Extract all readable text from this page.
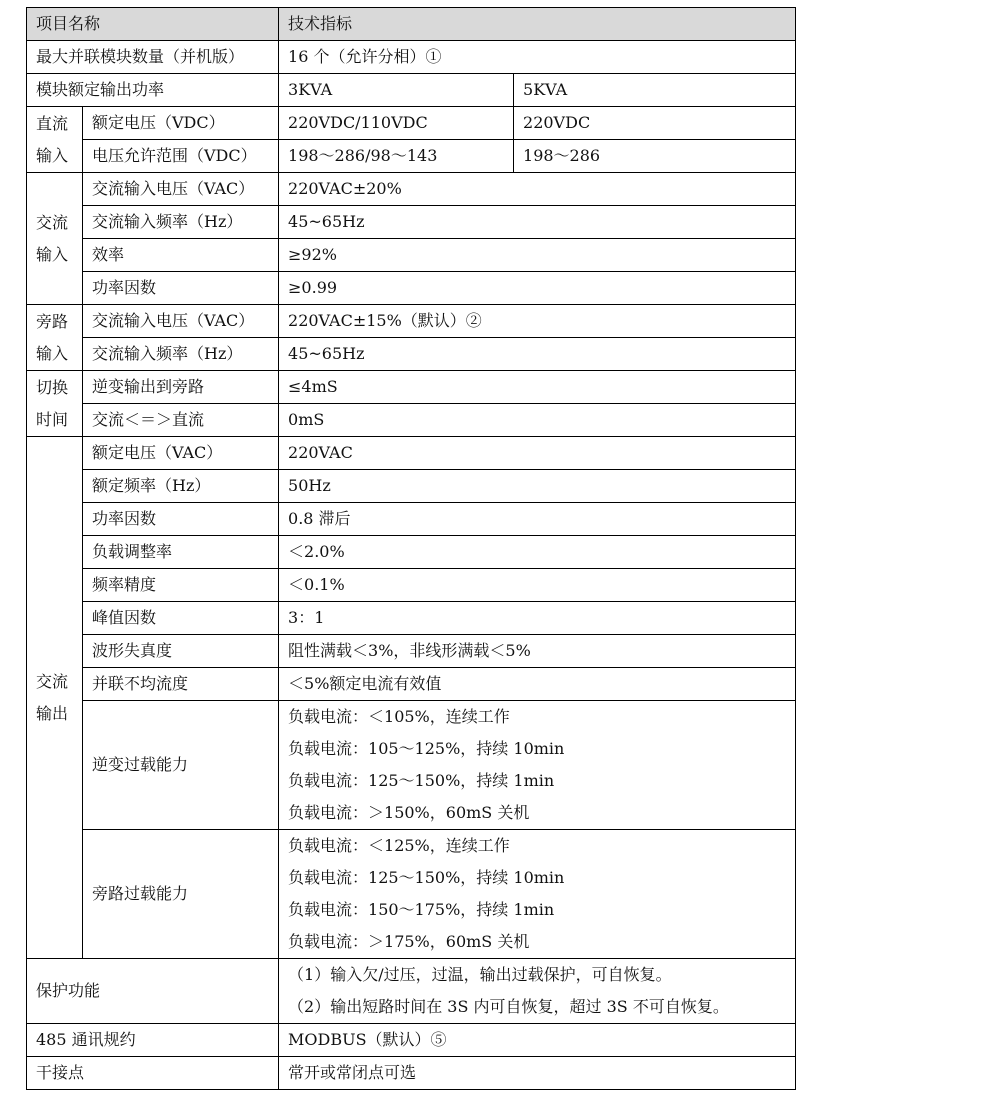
项目名称		技术指标	
最大并联模块数量（并机版）		16 个（允许分相）①	
模块额定输出功率		3KVA	5KVA

直流
输入	额定电压（VDC）	220VDC/110VDC	220VDC
	电压允许范围（VDC）	198～286/98～143	198～286

交流
输入	交流输入电压（VAC）	220VAC±20%	
	交流输入频率（Hz）	45~65Hz	
	效率	≥92%	
	功率因数	≥0.99	

旁路
输入	交流输入电压（VAC）	220VAC±15%（默认）②	
	交流输入频率（Hz）	45~65Hz	

切换
时间	逆变输出到旁路	≤4mS	
	交流＜＝＞直流	0mS	

交流
输出	额定电压（VAC）	220VAC	
	额定频率（Hz）	50Hz	
	功率因数	0.8 滞后	
	负载调整率	＜2.0%	
	频率精度	＜0.1%	
	峰值因数	3：1	
	波形失真度	阻性满载＜3%，非线形满载＜5%	
	并联不均流度	＜5%额定电流有效值	
	逆变过载能力	负载电流：＜105%，连续工作
负载电流：105～125%，持续 10min
负载电流：125～150%，持续 1min
负载电流：＞150%，60mS 关机	

	旁路过载能力	负载电流：＜125%，连续工作
负载电流：125～150%，持续 10min
负载电流：150～175%，持续 1min
负载电流：＞175%，60mS 关机	

保护功能		（1）输入欠/过压，过温，输出过载保护，可自恢复。
（2）输出短路时间在 3S 内可自恢复，超过 3S 不可自恢复。	

485 通讯规约		MODBUS（默认）⑤	
干接点		常开或常闭点可选	
